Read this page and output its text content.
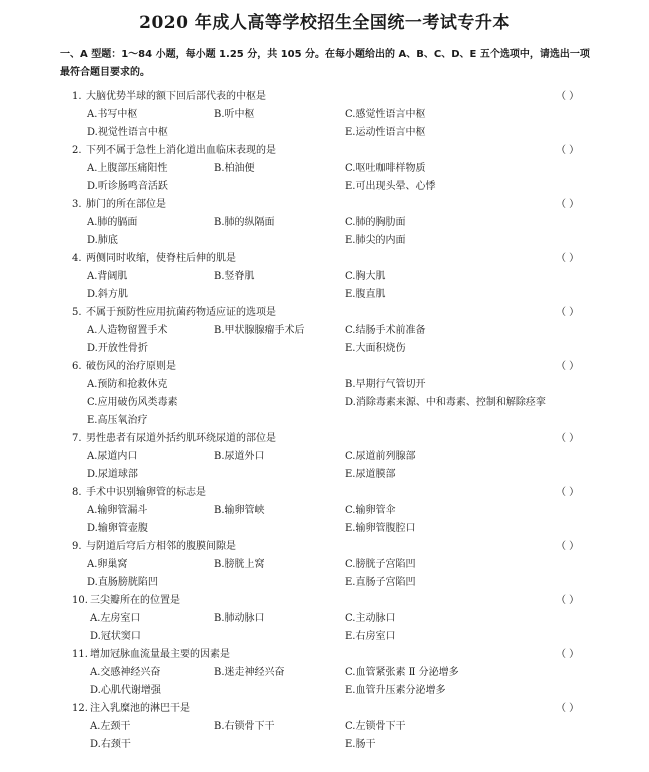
2020 年成人高等学校招生全国统一考试专升本
一、A 型题：1～84 小题，每小题 1.25 分，共 105 分。在每小题给出的 A、B、C、D、E 五个选项中，请选出一项最符合题目要求的。
1. 大脑优势半球的额下回后部代表的中枢是	（ ）
A.书写中枢	B.听中枢	C.感觉性语言中枢
D.视觉性语言中枢	E.运动性语言中枢
2. 下列不属于急性上消化道出血临床表现的是	（ ）
A.上腹部压痛阳性	B.柏油便	C.呕吐咖啡样物质
D.听诊肠鸣音活跃	E.可出现头晕、心悸
3. 肺门的所在部位是	（ ）
A.肺的膈面	B.肺的纵隔面	C.肺的胸肋面
D.肺底	E.肺尖的内面
4. 两侧同时收缩，使脊柱后伸的肌是	（ ）
A.背阔肌	B.竖脊肌	C.胸大肌
D.斜方肌	E.腹直肌
5. 不属于预防性应用抗菌药物适应证的选项是	（ ）
A.人造物留置手术	B.甲状腺腺瘤手术后	C.结肠手术前准备
D.开放性骨折	E.大面积烧伤
6. 破伤风的治疗原则是	（ ）
A.预防和抢救休克	B.早期行气管切开
C.应用破伤风类毒素	D.消除毒素来源、中和毒素、控制和解除痉挛
E.高压氧治疗
7. 男性患者有尿道外括约肌环绕尿道的部位是	（ ）
A.尿道内口	B.尿道外口	C.尿道前列腺部
D.尿道球部	E.尿道膜部
8. 手术中识别输卵管的标志是	（ ）
A.输卵管漏斗	B.输卵管峡	C.输卵管伞
D.输卵管壶腹	E.输卵管腹腔口
9. 与阴道后穹后方相邻的腹膜间隙是	（ ）
A.卵巢窝	B.膀胱上窝	C.膀胱子宫陷凹
D.直肠膀胱陷凹	E.直肠子宫陷凹
10. 三尖瓣所在的位置是	（ ）
A.左房室口	B.肺动脉口	C.主动脉口
D.冠状窦口	E.右房室口
11. 增加冠脉血流量最主要的因素是	（ ）
A.交感神经兴奋	B.迷走神经兴奋	C.血管紧张素 Ⅱ 分泌增多
D.心肌代谢增强	E.血管升压素分泌增多
12. 注入乳糜池的淋巴干是	（ ）
A.左颈干	B.右锁骨下干	C.左锁骨下干
D.右颈干	E.肠干
